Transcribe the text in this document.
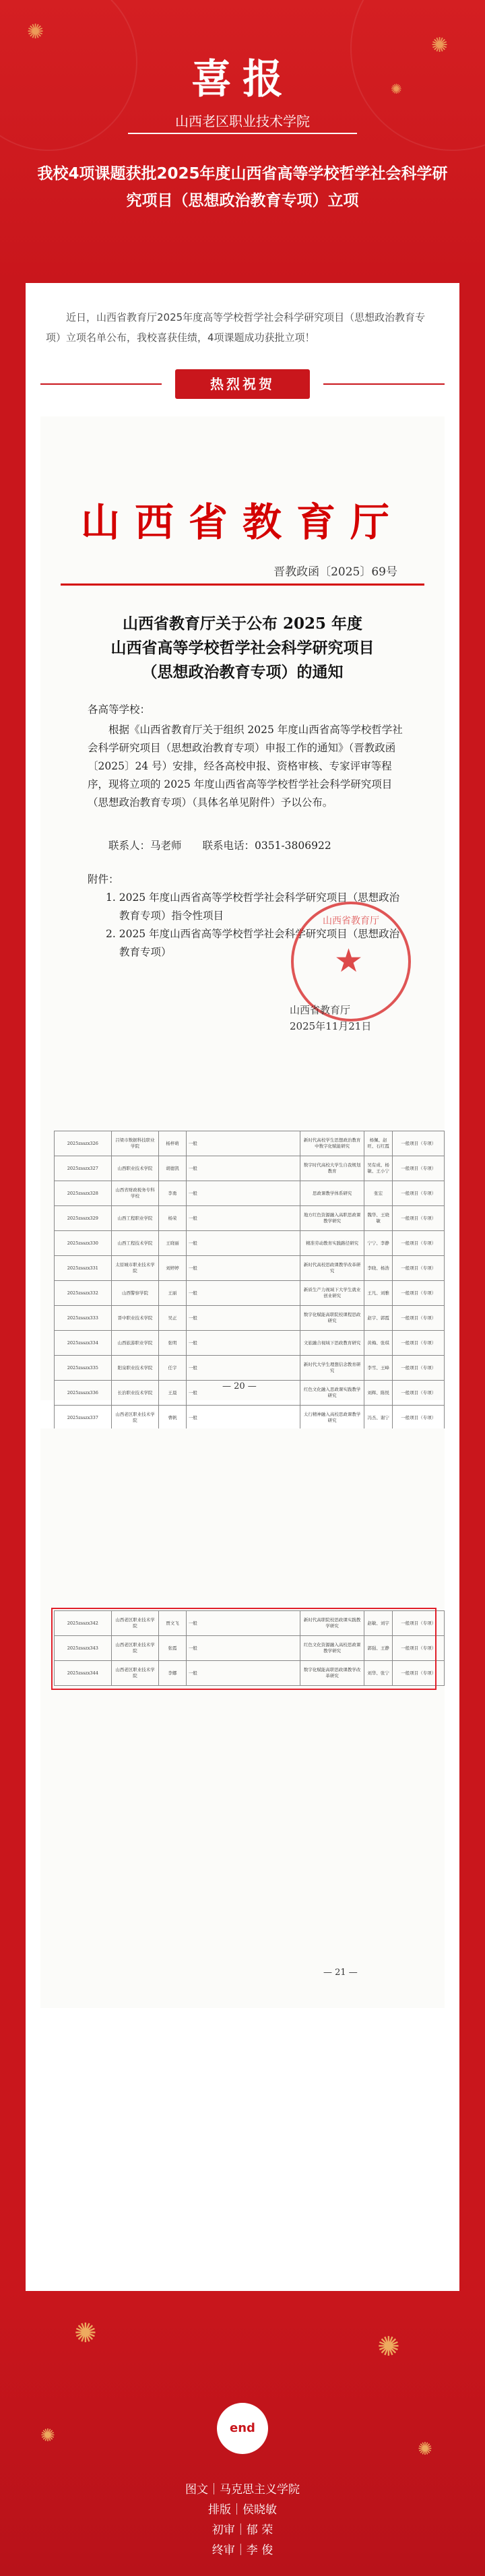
✺
✺
✺
喜报
山西老区职业技术学院
我校4项课题获批2025年度山西省高等学校哲学社会科学研究项目（思想政治教育专项）立项
近日，山西省教育厅2025年度高等学校哲学社会科学研究项目（思想政治教育专项）立项名单公布，我校喜获佳绩，4项课题成功获批立项！
热烈祝贺
山西省教育厅
晋教政函〔2025〕69号
山西省教育厅关于公布 2025 年度
山西省高等学校哲学社会科学研究项目
（思想政治教育专项）的通知
各高等学校：
根据《山西省教育厅关于组织 2025 年度山西省高等学校哲学社会科学研究项目（思想政治教育专项）申报工作的通知》（晋教政函〔2025〕24 号）安排，经各高校申报、资格审核、专家评审等程序，现将立项的 2025 年度山西省高等学校哲学社会科学研究项目（思想政治教育专项）（具体名单见附件）予以公布。
联系人：马老师　　联系电话：0351-3806922
附件：
1. 2025 年度山西省高等学校哲学社会科学研究项目（思想政治教育专项）指令性项目
2. 2025 年度山西省高等学校哲学社会科学研究项目（思想政治教育专项）
山西省教育厅
★
山西省教育厅
2025年11月21日
2025zsszx326	吕梁市数据科技职业学院	杨梓萌	一般	新时代高校学生思想政治教育中数字化赋能研究	杨佩、赵旺、石红霞	一般项目（专项）
2025zsszx327	山西职业技术学院	胡德凯	一般	数字时代高校大学生自我规划教育	吴有成、杨敏、王小宁	一般项目（专项）
2025zsszx328	山西省财政税务专科学校	李勇	一般	思政课教学体系研究	张宏	一般项目（专项）
2025zsszx329	山西工程职业学院	杨荣	一般	地方红色资源融入高职思政课教学研究	魏华、王晓敏	一般项目（专项）
2025zsszx330	山西工程技术学院	王晓丽	一般	精准劳动教育实践路径研究	宁宁、李静	一般项目（专项）
2025zsszx331	太原城市职业技术学院	刘婷婷	一般	新时代高校思政课教学改革研究	李晓、杨浩	一般项目（专项）
2025zsszx332	山西警察学院	王丽	一般	新质生产力视域下大学生就业创业研究	王凡、刘雅	一般项目（专项）
2025zsszx333	晋中职业技术学院	吴正	一般	数字化赋能高职院校课程思政研究	赵宇、郭霞	一般项目（专项）
2025zsszx334	山西旅游职业学院	张明	一般	文旅融合视域下思政教育研究	黄梅、张琪	一般项目（专项）
2025zsszx335	阳泉职业技术学院	任宇	一般	新时代大学生理想信念教育研究	李雪、王峰	一般项目（专项）
2025zsszx336	长治职业技术学院	王晨	一般	红色文化融入思政课实践教学研究	刘辉、陈悦	一般项目（专项）
2025zsszx337	山西老区职业技术学院	曹帆	一般	太行精神融入高校思政课教学研究	冯杰、谢宁	一般项目（专项）

— 20 —
2025zsszx342	山西老区职业技术学院	贾文飞	一般	新时代高职院校思政课实践教学研究	赵敏、刘宇	一般项目（专项）
2025zsszx343	山西老区职业技术学院	张霞	一般	红色文化资源融入高校思政课教学研究	郭强、王静	一般项目（专项）
2025zsszx344	山西老区职业技术学院	李娜	一般	数字化赋能高职思政课教学改革研究	刘华、张宁	一般项目（专项）
— 21 —
✺	✺
✺
✺
end
图文｜马克思主义学院
排版｜侯晓敏
初审｜郁 荣
终审｜李 俊
